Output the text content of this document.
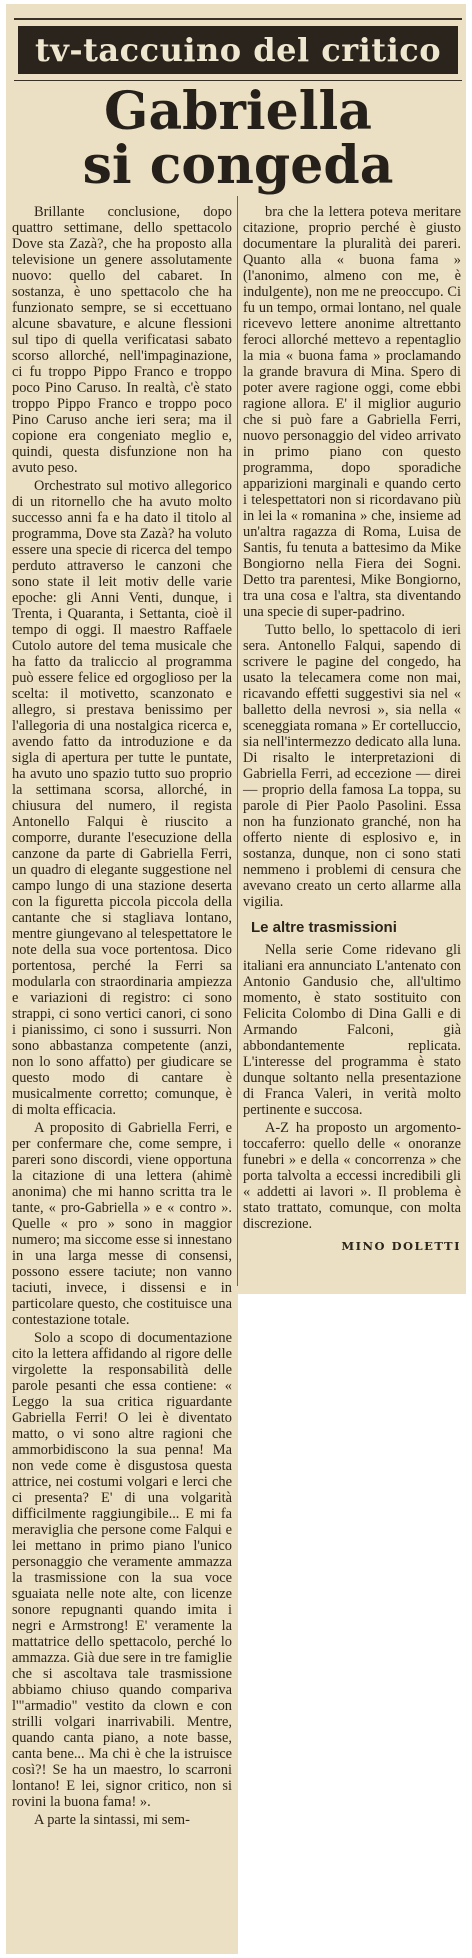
tv-taccuino del critico
Gabriella
si congeda

Brillante conclusione, dopo quattro settimane, dello spettacolo Dove sta Zazà?, che ha proposto alla televisione un genere assolutamente nuovo: quello del cabaret. In sostanza, è uno spettacolo che ha funzionato sempre, se si eccettuano alcune sbavature, e alcune flessioni sul tipo di quella verificatasi sabato scorso allorché, nell'impaginazione, ci fu troppo Pippo Franco e troppo poco Pino Caruso. In realtà, c'è stato troppo Pippo Franco e troppo poco Pino Caruso anche ieri sera; ma il copione era congeniato meglio e, quindi, questa disfunzione non ha avuto peso.

Orchestrato sul motivo allegorico di un ritornello che ha avuto molto successo anni fa e ha dato il titolo al programma, Dove sta Zazà? ha voluto essere una specie di ricerca del tempo perduto attraverso le canzoni che sono state il leit motiv delle varie epoche: gli Anni Venti, dunque, i Trenta, i Quaranta, i Settanta, cioè il tempo di oggi. Il maestro Raffaele Cutolo autore del tema musicale che ha fatto da traliccio al programma può essere felice ed orgoglioso per la scelta: il motivetto, scanzonato e allegro, si prestava benissimo per l'allegoria di una nostalgica ricerca e, avendo fatto da introduzione e da sigla di apertura per tutte le puntate, ha avuto uno spazio tutto suo proprio la settimana scorsa, allorché, in chiusura del numero, il regista Antonello Falqui è riuscito a comporre, durante l'esecuzione della canzone da parte di Gabriella Ferri, un quadro di elegante suggestione nel campo lungo di una stazione deserta con la figuretta piccola piccola della cantante che si stagliava lontano, mentre giungevano al telespettatore le note della sua voce portentosa. Dico portentosa, perché la Ferri sa modularla con straordinaria ampiezza e variazioni di registro: ci sono strappi, ci sono vertici canori, ci sono i pianissimo, ci sono i sussurri. Non sono abbastanza competente (anzi, non lo sono affatto) per giudicare se questo modo di cantare è musicalmente corretto; comunque, è di molta efficacia.

A proposito di Gabriella Ferri, e per confermare che, come sempre, i pareri sono discordi, viene opportuna la citazione di una lettera (ahimè anonima) che mi hanno scritta tra le tante, « pro-Gabriella » e « contro ». Quelle « pro » sono in maggior numero; ma siccome esse si innestano in una larga messe di consensi, possono essere taciute; non vanno taciuti, invece, i dissensi e in particolare questo, che costituisce una contestazione totale.

Solo a scopo di documentazione cito la lettera affidando al rigore delle virgolette la responsabilità delle parole pesanti che essa contiene: « Leggo la sua critica riguardante Gabriella Ferri! O lei è diventato matto, o vi sono altre ragioni che ammorbidiscono la sua penna! Ma non vede come è disgustosa questa attrice, nei costumi volgari e lerci che ci presenta? E' di una volgarità difficilmente raggiungibile... E mi fa meraviglia che persone come Falqui e lei mettano in primo piano l'unico personaggio che veramente ammazza la trasmissione con la sua voce sguaiata nelle note alte, con licenze sonore repugnanti quando imita i negri e Armstrong! E' veramente la mattatrice dello spettacolo, perché lo ammazza. Già due sere in tre famiglie che si ascoltava tale trasmissione abbiamo chiuso quando compariva l'"armadio" vestito da clown e con strilli volgari inarrivabili. Mentre, quando canta piano, a note basse, canta bene... Ma chi è che la istruisce così?! Se ha un maestro, lo scarroni lontano! E lei, signor critico, non si rovini la buona fama! ».

A parte la sintassi, mi sem-

bra che la lettera poteva meritare citazione, proprio perché è giusto documentare la pluralità dei pareri. Quanto alla « buona fama » (l'anonimo, almeno con me, è indulgente), non me ne preoccupo. Ci fu un tempo, ormai lontano, nel quale ricevevo lettere anonime altrettanto feroci allorché mettevo a repentaglio la mia « buona fama » proclamando la grande bravura di Mina. Spero di poter avere ragione oggi, come ebbi ragione allora. E' il miglior augurio che si può fare a Gabriella Ferri, nuovo personaggio del video arrivato in primo piano con questo programma, dopo sporadiche apparizioni marginali e quando certo i telespettatori non si ricordavano più in lei la « romanina » che, insieme ad un'altra ragazza di Roma, Luisa de Santis, fu tenuta a battesimo da Mike Bongiorno nella Fiera dei Sogni. Detto tra parentesi, Mike Bongiorno, tra una cosa e l'altra, sta diventando una specie di super-padrino.

Tutto bello, lo spettacolo di ieri sera. Antonello Falqui, sapendo di scrivere le pagine del congedo, ha usato la telecamera come non mai, ricavando effetti suggestivi sia nel « balletto della nevrosi », sia nella « sceneggiata romana » Er cortelluccio, sia nell'intermezzo dedicato alla luna. Di risalto le interpretazioni di Gabriella Ferri, ad eccezione — direi — proprio della famosa La toppa, su parole di Pier Paolo Pasolini. Essa non ha funzionato granché, non ha offerto niente di esplosivo e, in sostanza, dunque, non ci sono stati nemmeno i problemi di censura che avevano creato un certo allarme alla vigilia.

Le altre trasmissioni

Nella serie Come ridevano gli italiani era annunciato L'antenato con Antonio Gandusio che, all'ultimo momento, è stato sostituito con Felicita Colombo di Dina Galli e di Armando Falconi, già abbondantemente replicata. L'interesse del programma è stato dunque soltanto nella presentazione di Franca Valeri, in verità molto pertinente e succosa.

A-Z ha proposto un argomento-toccaferro: quello delle « onoranze funebri » e della « concorrenza » che porta talvolta a eccessi incredibili gli « addetti ai lavori ». Il problema è stato trattato, comunque, con molta discrezione.

MINO DOLETTI
